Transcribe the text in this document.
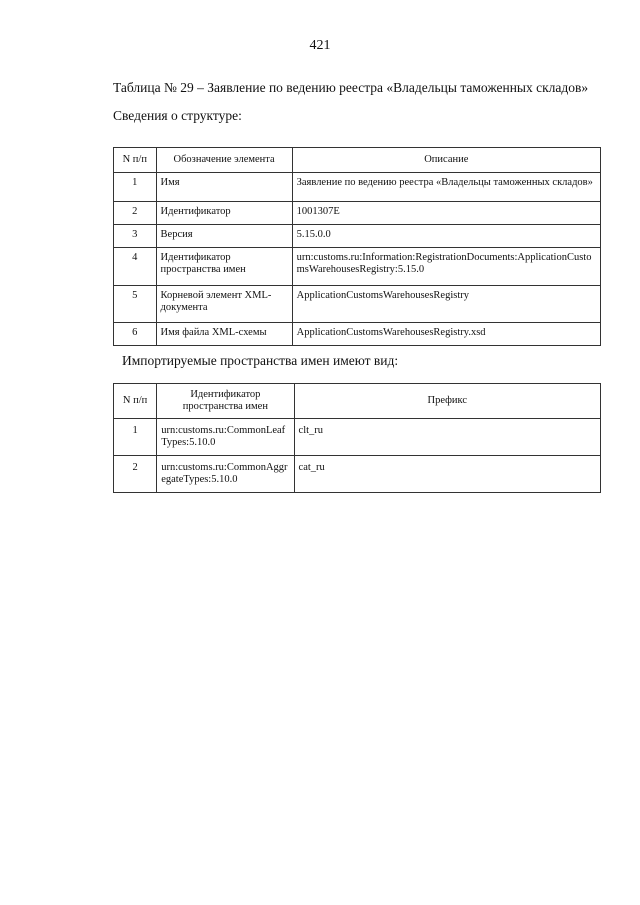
421
Таблица № 29 – Заявление по ведению реестра «Владельцы таможенных складов»
Сведения о структуре:
N п/п	Обозначение элемента	Описание
1	Имя	Заявление по ведению реестра «Владельцы таможенных складов»
2	Идентификатор	1001307E
3	Версия	5.15.0.0
4	Идентификатор пространства имен	urn:customs.ru:Information:RegistrationDocuments:ApplicationCustomsWarehousesRegistry:5.15.0
5	Корневой элемент XML-документа	ApplicationCustomsWarehousesRegistry
6	Имя файла XML-схемы	ApplicationCustomsWarehousesRegistry.xsd
Импортируемые пространства имен имеют вид:
N п/п	Идентификатор пространства имен	Префикс
1	urn:customs.ru:CommonLeafTypes:5.10.0	clt_ru
2	urn:customs.ru:CommonAggregateTypes:5.10.0	cat_ru
